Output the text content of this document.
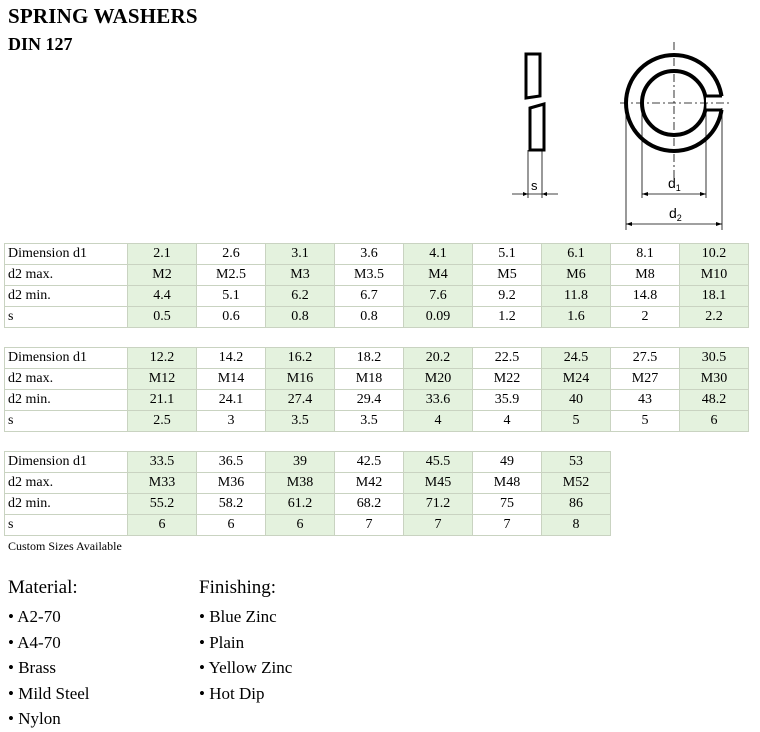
SPRING WASHERS
DIN 127
s	$d_1$
$d_2$
Dimension d1	2.1	2.6	3.1	3.6	4.1	5.1	6.1	8.1	10.2
d2 max.	M2	M2.5	M3	M3.5	M4	M5	M6	M8	M10
d2 min.	4.4	5.1	6.2	6.7	7.6	9.2	11.8	14.8	18.1
s	0.5	0.6	0.8	0.8	0.09	1.2	1.6	2	2.2
Dimension d1	12.2	14.2	16.2	18.2	20.2	22.5	24.5	27.5	30.5
d2 max.	M12	M14	M16	M18	M20	M22	M24	M27	M30
d2 min.	21.1	24.1	27.4	29.4	33.6	35.9	40	43	48.2
s	2.5	3	3.5	3.5	4	4	5	5	6
Dimension d1	33.5	36.5	39	42.5	45.5	49	53		
d2 max.	M33	M36	M38	M42	M45	M48	M52		
d2 min.	55.2	58.2	61.2	68.2	71.2	75	86		
s	6	6	6	7	7	7	8		
Custom Sizes Available
Material:	Finishing:
• A2-70
• A4-70
• Brass
• Mild Steel
• Nylon
• Blue Zinc
• Plain
• Yellow Zinc
• Hot Dip
